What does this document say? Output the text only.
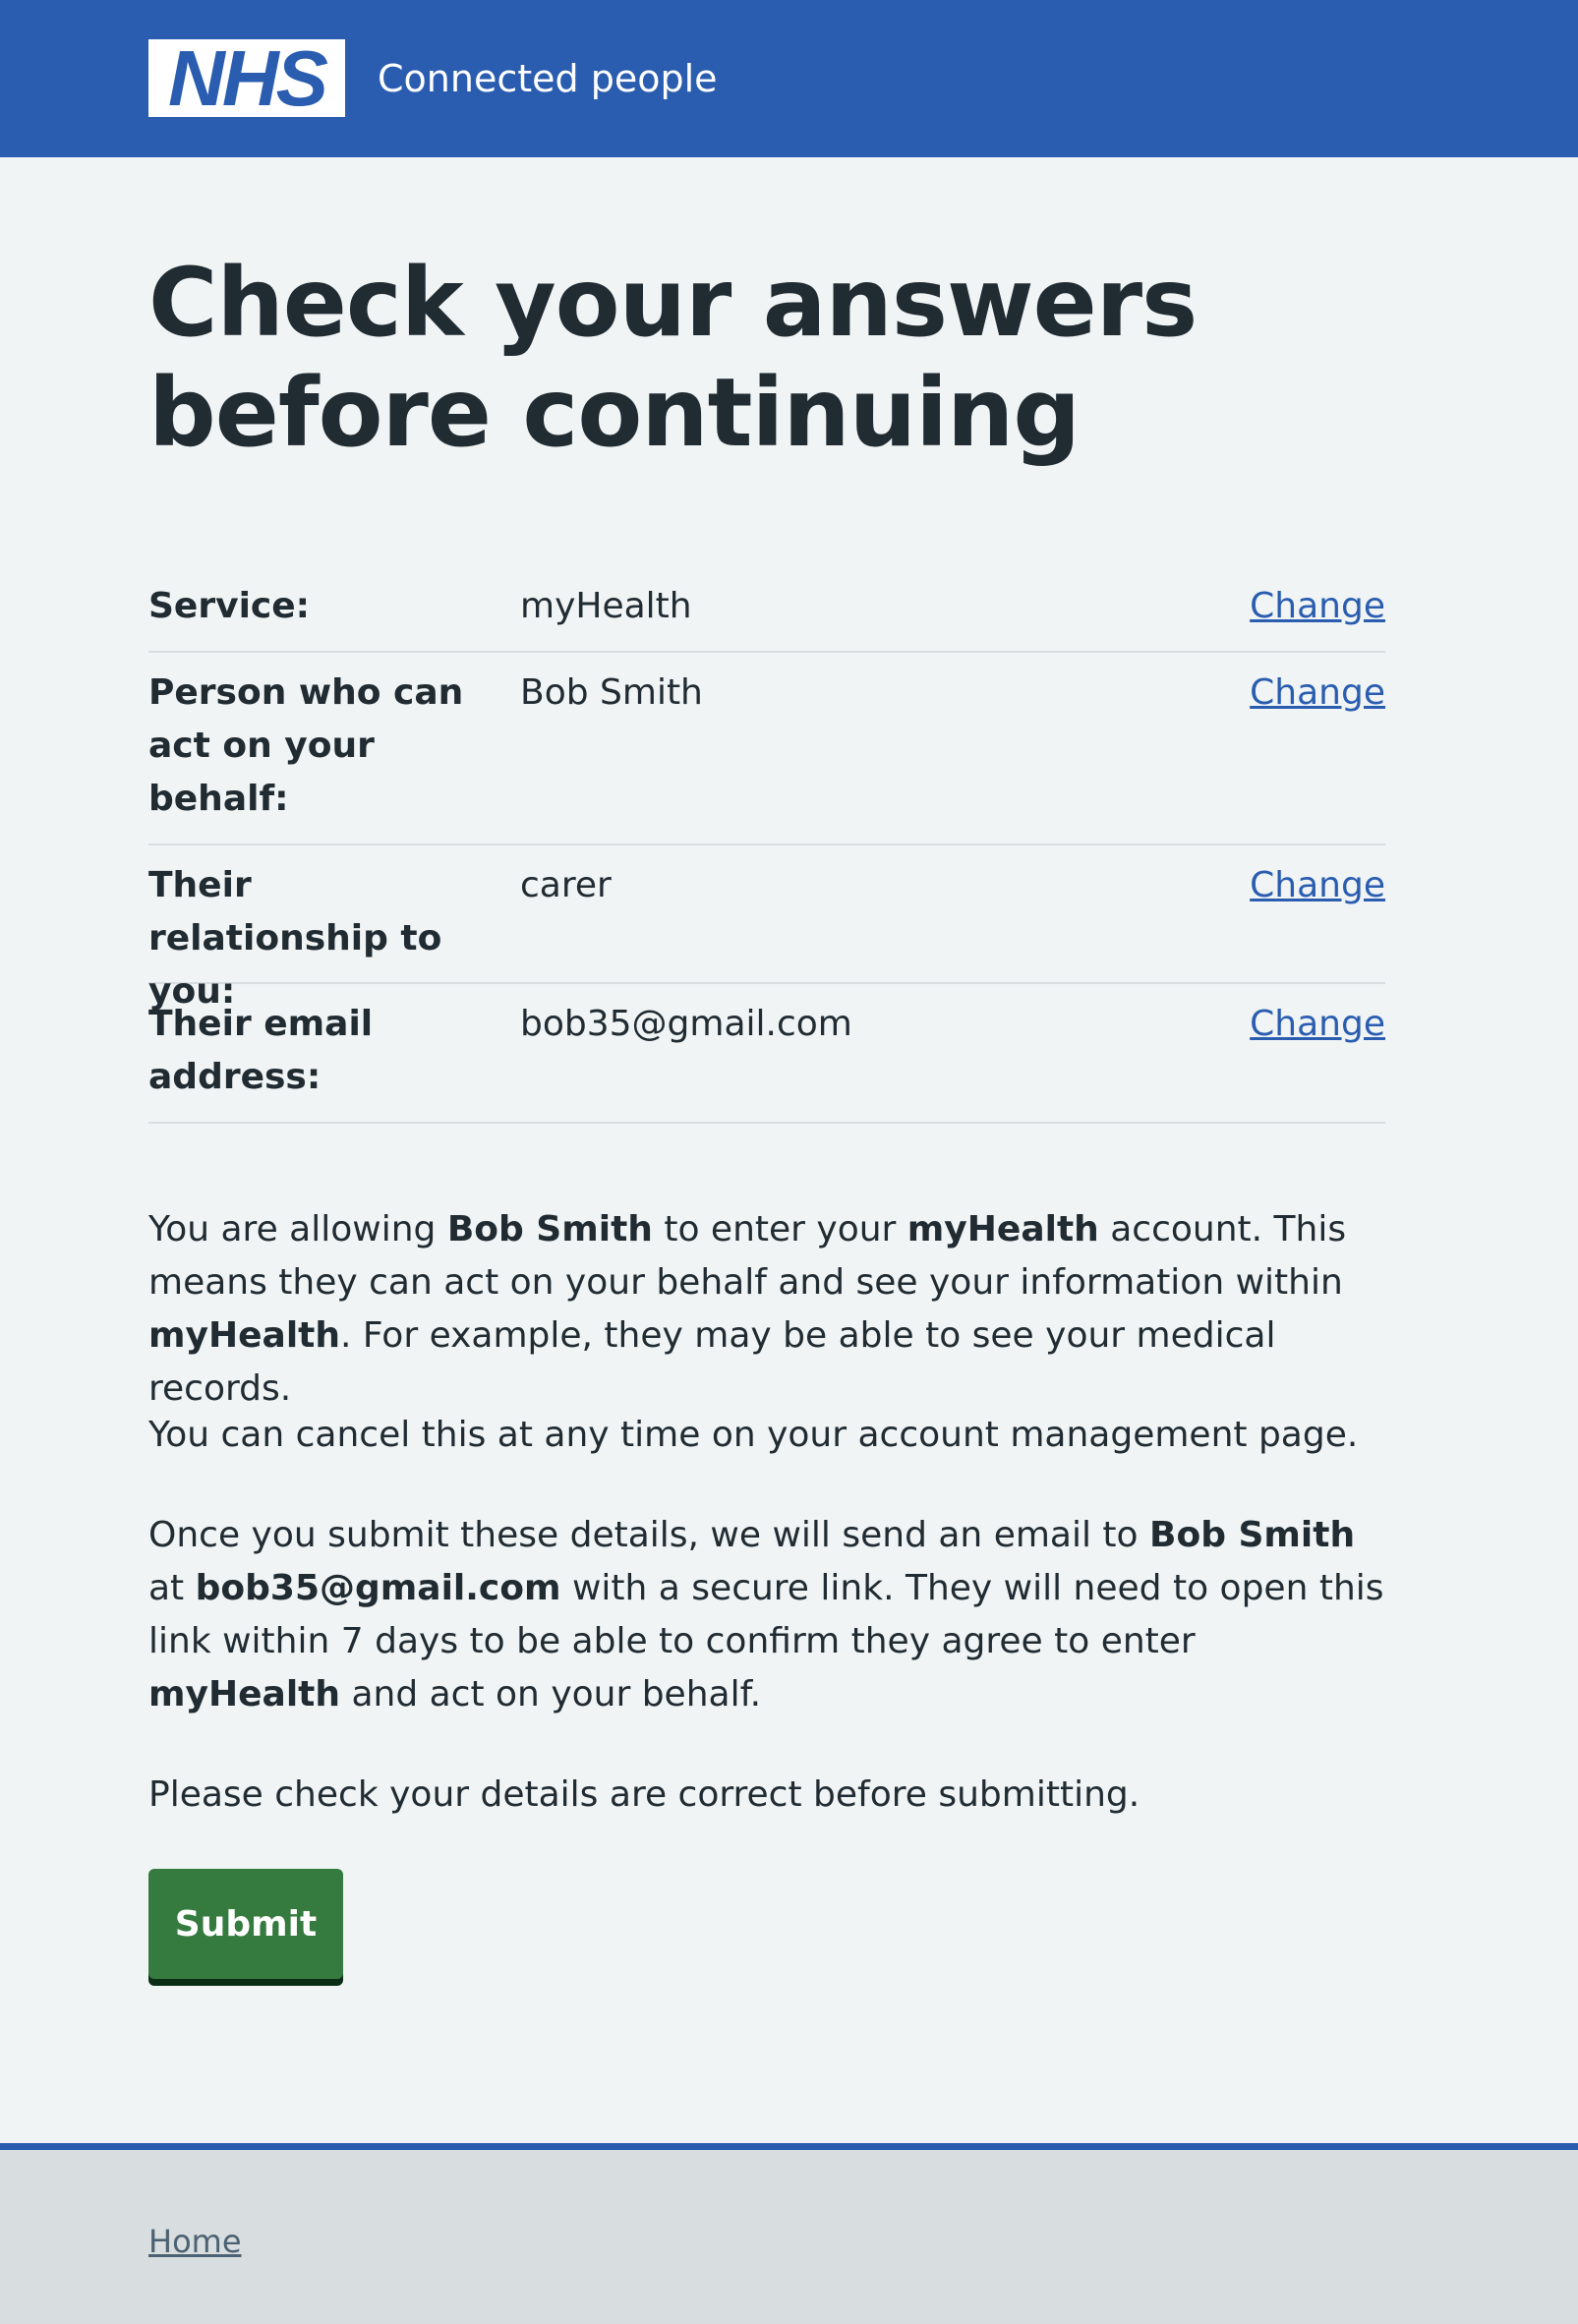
NHS Connected people
Check your answers before continuing
Service:	myHealth	Change
Person who can act on your behalf:
Bob Smith	Change
Their relationship to you:
carer	Change
Their email address:
bob35@gmail.com	Change

You are allowing Bob Smith to enter your myHealth account. This means they can act on your behalf and see your information within myHealth. For example, they may be able to see your medical records.

You can cancel this at any time on your account management page.

Once you submit these details, we will send an email to Bob Smith at bob35@gmail.com with a secure link. They will need to open this link within 7 days to be able to confirm they agree to enter myHealth and act on your behalf.

Please check your details are correct before submitting.

Submit
Home
